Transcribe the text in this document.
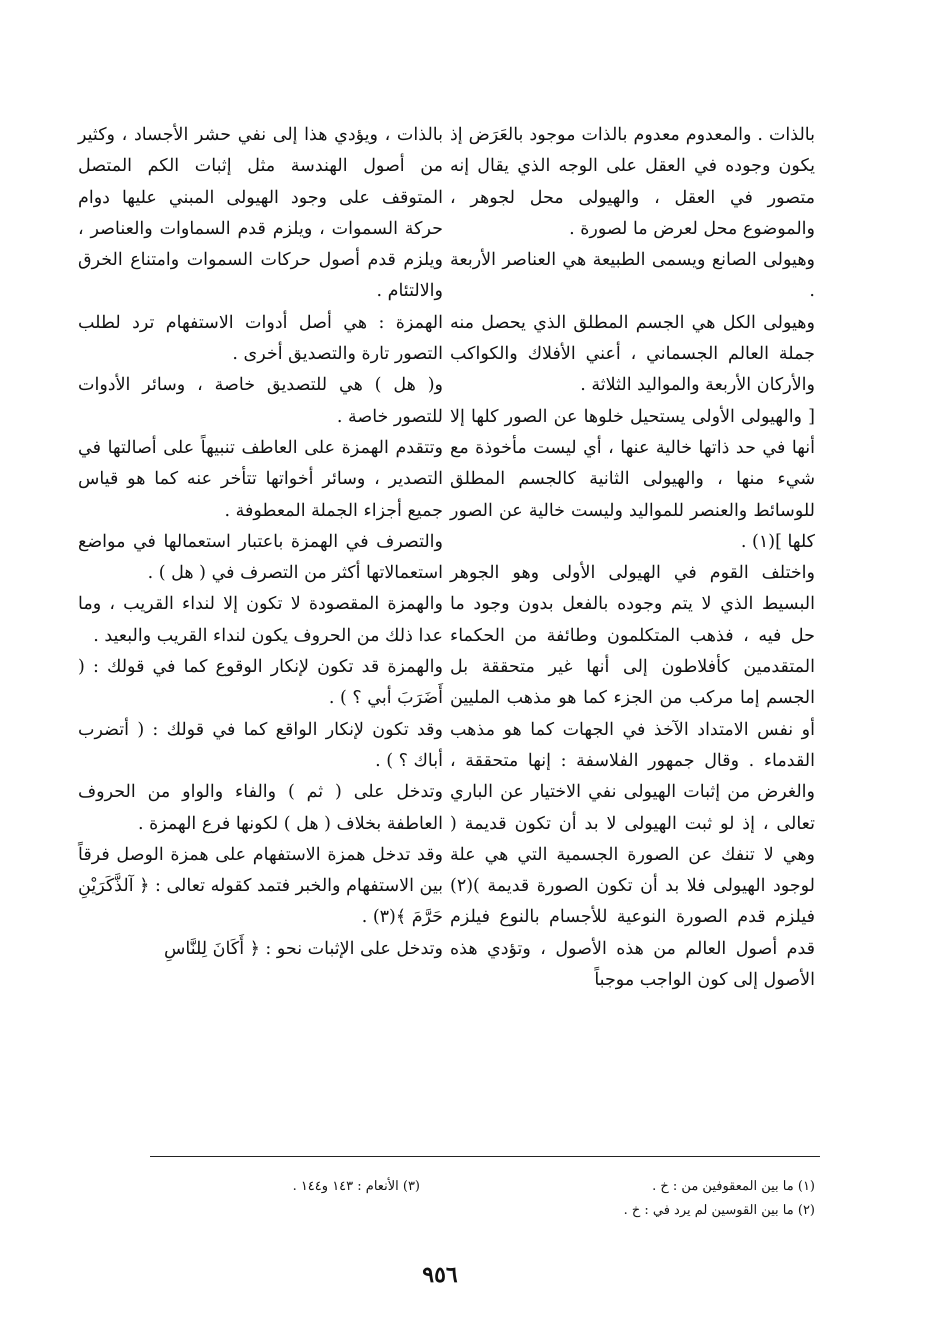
بالذات . والمعدوم معدوم بالذات موجود بالعَرَض إذ يكون وجوده في العقل على الوجه الذي يقال إنه متصور في العقل ، والهيولى محل لجوهر ، والموضوع محل لعرض ما لصورة .

وهيولى الصانع ويسمى الطبيعة هي العناصر الأربعة .

وهيولى الكل هي الجسم المطلق الذي يحصل منه جملة العالم الجسماني ، أعني الأفلاك والكواكب والأركان الأربعة والمواليد الثلاثة .

[ والهيولى الأولى يستحيل خلوها عن الصور كلها إلا أنها في حد ذاتها خالية عنها ، أي ليست مأخوذة مع شيء منها ، والهيولى الثانية كالجسم المطلق للوسائط والعنصر للمواليد وليست خالية عن الصور كلها ](١) .

واختلف القوم في الهيولى الأولى وهو الجوهر البسيط الذي لا يتم وجوده بالفعل بدون وجود ما حل فيه ، فذهب المتكلمون وطائفة من الحكماء المتقدمين كأفلاطون إلى أنها غير متحققة بل الجسم إما مركب من الجزء كما هو مذهب المليين أو نفس الامتداد الآخذ في الجهات كما هو مذهب القدماء . وقال جمهور الفلاسفة : إنها متحققة ، والغرض من إثبات الهيولى نفي الاختيار عن الباري تعالى ، إذ لو ثبت الهيولى لا بد أن تكون قديمة ( وهي لا تنفك عن الصورة الجسمية التي هي علة لوجود الهيولى فلا بد أن تكون الصورة قديمة )(٢) فيلزم قدم الصورة النوعية للأجسام بالنوع فيلزم قدم أصول العالم من هذه الأصول ، وتؤدي هذه الأصول إلى كون الواجب موجباً

بالذات ، ويؤدي هذا إلى نفي حشر الأجساد ، وكثير من أصول الهندسة مثل إثبات الكم المتصل المتوقف على وجود الهيولى المبني عليها دوام حركة السموات ، ويلزم قدم السماوات والعناصر ، ويلزم قدم أصول حركات السموات وامتناع الخرق والالتئام .

الهمزة : هي أصل أدوات الاستفهام ترد لطلب التصور تارة والتصديق أخرى .

و( هل ) هي للتصديق خاصة ، وسائر الأدوات للتصور خاصة .

وتتقدم الهمزة على العاطف تنبيهاً على أصالتها في التصدير ، وسائر أخواتها تتأخر عنه كما هو قياس جميع أجزاء الجملة المعطوفة .

والتصرف في الهمزة باعتبار استعمالها في مواضع استعمالاتها أكثر من التصرف في ( هل ) .

والهمزة المقصودة لا تكون إلا لنداء القريب ، وما عدا ذلك من الحروف يكون لنداء القريب والبعيد .

والهمزة قد تكون لإنكار الوقوع كما في قولك : ( أَضَرَبَ أبي ؟ ) .

وقد تكون لإنكار الواقع كما في قولك : ( أتضرب أباك ؟ ) .

وتدخل على ( ثم ) والفاء والواو من الحروف العاطفة بخلاف ( هل ) لكونها فرع الهمزة .

وقد تدخل همزة الاستفهام على همزة الوصل فرقاً بين الاستفهام والخبر فتمد كقوله تعالى : ﴿ آلذَّكَرَيْنِ حَرَّمَ ﴾(٣) .

وتدخل على الإثبات نحو : ﴿ أَكَانَ لِلنَّاسِ

(١) ما بين المعقوفين من : خ .
(٢) ما بين القوسين لم يرد في : خ .
(٣) الأنعام : ١٤٣ و١٤٤ .
٩٥٦
